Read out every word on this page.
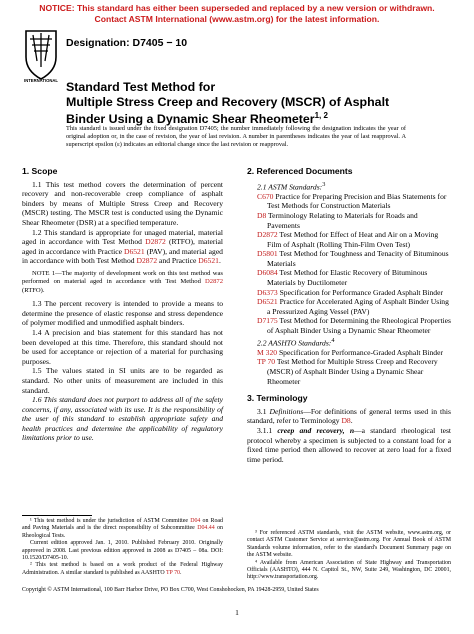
NOTICE: This standard has either been superseded and replaced by a new version or withdrawn.
Contact ASTM International (www.astm.org) for the latest information.
INTERNATIONAL
Designation: D7405 − 10
Standard Test Method for
Multiple Stress Creep and Recovery (MSCR) of Asphalt
Binder Using a Dynamic Shear Rheometer$^{1, 2}$
This standard is issued under the fixed designation D7405; the number immediately following the designation indicates the year of original adoption or, in the case of revision, the year of last revision. A number in parentheses indicates the year of last reapproval. A superscript epsilon (ε) indicates an editorial change since the last revision or reapproval.

1. Scope

1.1 This test method covers the determination of percent recovery and non-recoverable creep compliance of asphalt binders by means of Multiple Stress Creep and Recovery (MSCR) testing. The MSCR test is conducted using the Dynamic Shear Rheometer (DSR) at a specified temperature.

1.2 This standard is appropriate for unaged material, material aged in accordance with Test Method D2872 (RTFO), material aged in accordance with Practice D6521 (PAV), and material aged in accordance with both Test Method D2872 and Practice D6521.

NOTE 1—The majority of development work on this test method was performed on material aged in accordance with Test Method D2872 (RTFO).

1.3 The percent recovery is intended to provide a means to determine the presence of elastic response and stress dependence of polymer modified and unmodified asphalt binders.

1.4 A precision and bias statement for this standard has not been developed at this time. Therefore, this standard should not be used for acceptance or rejection of a material for purchasing purposes.

1.5 The values stated in SI units are to be regarded as standard. No other units of measurement are included in this standard.

1.6 This standard does not purport to address all of the safety concerns, if any, associated with its use. It is the responsibility of the user of this standard to establish appropriate safety and health practices and determine the applicability of regulatory limitations prior to use.

2. Referenced Documents

2.1 ASTM Standards:$^3$

C670 Practice for Preparing Precision and Bias Statements for Test Methods for Construction Materials

D8 Terminology Relating to Materials for Roads and Pavements

D2872 Test Method for Effect of Heat and Air on a Moving Film of Asphalt (Rolling Thin-Film Oven Test)

D5801 Test Method for Toughness and Tenacity of Bituminous Materials

D6084 Test Method for Elastic Recovery of Bituminous Materials by Ductilometer

D6373 Specification for Performance Graded Asphalt Binder

D6521 Practice for Accelerated Aging of Asphalt Binder Using a Pressurized Aging Vessel (PAV)

D7175 Test Method for Determining the Rheological Properties of Asphalt Binder Using a Dynamic Shear Rheometer

2.2 AASHTO Standards:$^4$

M 320 Specification for Performance-Graded Asphalt Binder

TP 70 Test Method for Multiple Stress Creep and Recovery (MSCR) of Asphalt Binder Using a Dynamic Shear Rheometer

3. Terminology

3.1 Definitions—For definitions of general terms used in this standard, refer to Terminology D8.

3.1.1 creep and recovery, n—a standard rheological test protocol whereby a specimen is subjected to a constant load for a fixed time period then allowed to recover at zero load for a fixed time period.

¹ This test method is under the jurisdiction of ASTM Committee D04 on Road and Paving Materials and is the direct responsibility of Subcommittee D04.44 on Rheological Tests.

Current edition approved Jan. 1, 2010. Published February 2010. Originally approved in 2008. Last previous edition approved in 2008 as D7405 – 08a. DOI: 10.1520/D7405-10.

² This test method is based on a work product of the Federal Highway Administration. A similar standard is published as AASHTO TP 70.

³ For referenced ASTM standards, visit the ASTM website, www.astm.org, or contact ASTM Customer Service at service@astm.org. For Annual Book of ASTM Standards volume information, refer to the standard's Document Summary page on the ASTM website.

⁴ Available from American Association of State Highway and Transportation Officials (AASHTO), 444 N. Capitol St., NW, Suite 249, Washington, DC 20001, http://www.transportation.org.

Copyright © ASTM International, 100 Barr Harbor Drive, PO Box C700, West Conshohocken, PA 19428-2959, United States
1
